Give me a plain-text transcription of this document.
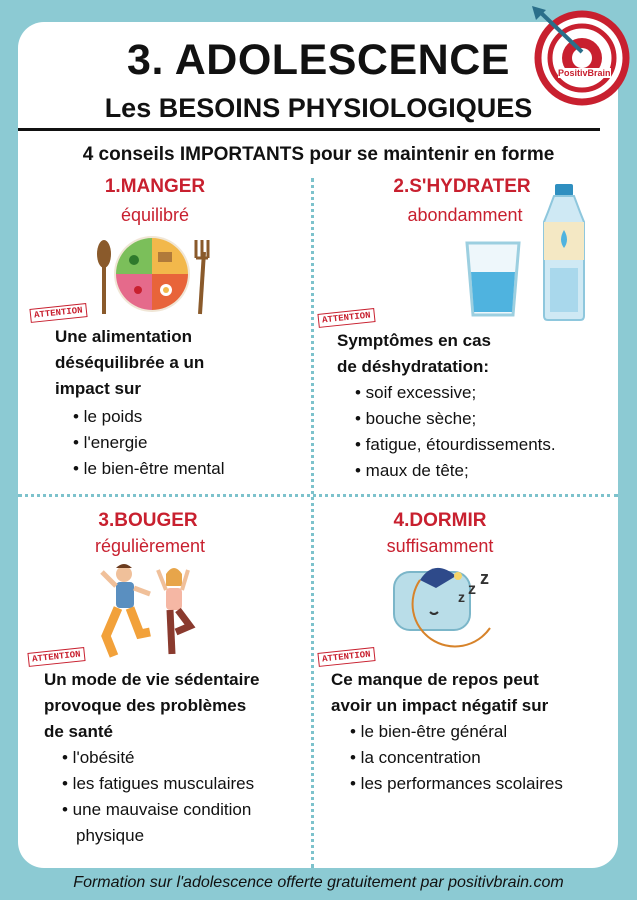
PositivBrain
3. ADOLESCENCE
Les BESOINS PHYSIOLOGIQUES
4 conseils IMPORTANTS pour se maintenir en forme
1.MANGER
équilibré
ATTENTION
Une alimentation
déséquilibrée a un
impact sur
• le poids
• l'energie
• le bien-être mental
2.S'HYDRATER
abondamment
ATTENTION
Symptômes en cas
de déshydratation:
• soif excessive;
• bouche sèche;
• fatigue, étourdissements.
• maux de tête;
3.BOUGER
régulièrement
ATTENTION
Un mode de vie sédentaire
provoque des problèmes
de santé
• l'obésité
• les fatigues musculaires
• une mauvaise condition
physique
4.DORMIR
suffisamment
z z
z
ATTENTION
Ce manque de repos peut
avoir un impact négatif sur
• le bien-être général
• la concentration
• les performances scolaires
Formation sur l'adolescence offerte gratuitement par positivbrain.com
